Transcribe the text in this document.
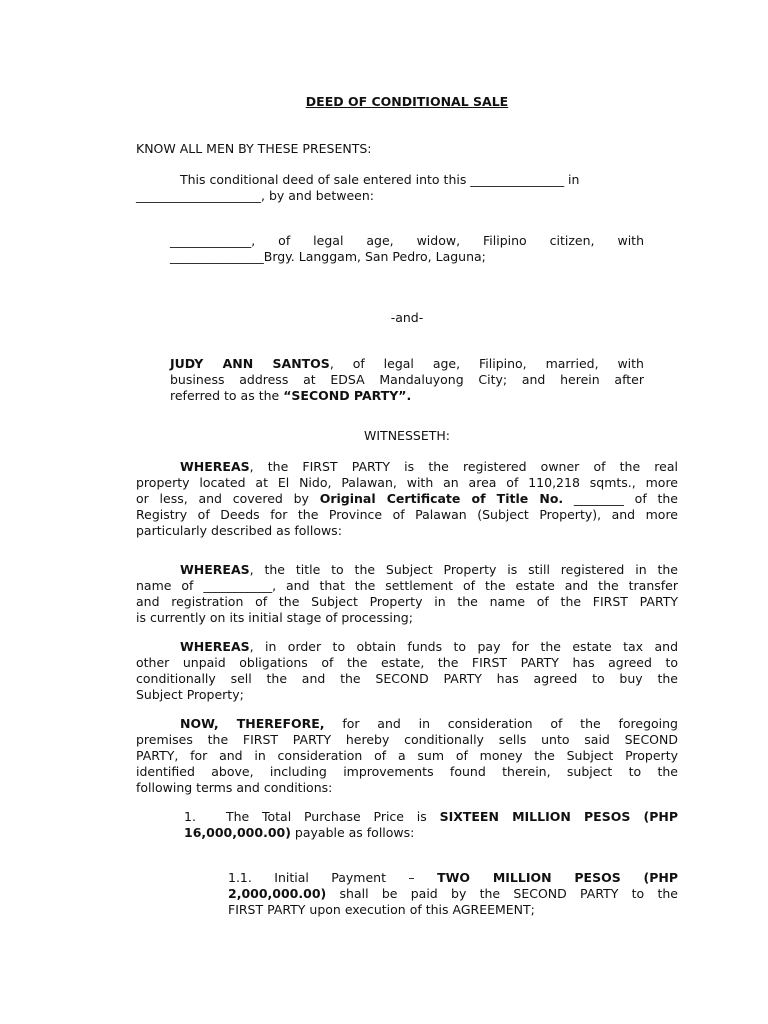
DEED OF CONDITIONAL SALE

KNOW ALL MEN BY THESE PRESENTS:

This conditional deed of sale entered into this _______________ in
____________________, by and between:
_____________, of legal age, widow, Filipino citizen, with
_______________Brgy. Langgam, San Pedro, Laguna;
-and-
JUDY ANN SANTOS, of legal age, Filipino, married, with
business address at EDSA Mandaluyong City; and herein after
referred to as the “SECOND PARTY”.
WITNESSETH:
WHEREAS, the FIRST PARTY is the registered owner of the real
property located at El Nido, Palawan, with an area of 110,218 sqmts., more
or less, and covered by Original Certificate of Title No. ________ of the
Registry of Deeds for the Province of Palawan (Subject Property), and more
particularly described as follows:
WHEREAS, the title to the Subject Property is still registered in the
name of ___________, and that the settlement of the estate and the transfer
and registration of the Subject Property in the name of the FIRST PARTY
is currently on its initial stage of processing;
WHEREAS, in order to obtain funds to pay for the estate tax and
other unpaid obligations of the estate, the FIRST PARTY has agreed to
conditionally sell the and the SECOND PARTY has agreed to buy the
Subject Property;
NOW, THEREFORE, for and in consideration of the foregoing
premises the FIRST PARTY hereby conditionally sells unto said SECOND
PARTY, for and in consideration of a sum of money the Subject Property
identified above, including improvements found therein, subject to the
following terms and conditions:
1. The Total Purchase Price is SIXTEEN MILLION PESOS (PHP
16,000,000.00) payable as follows:
1.1. Initial Payment – TWO MILLION PESOS (PHP
2,000,000.00) shall be paid by the SECOND PARTY to the
FIRST PARTY upon execution of this AGREEMENT;
